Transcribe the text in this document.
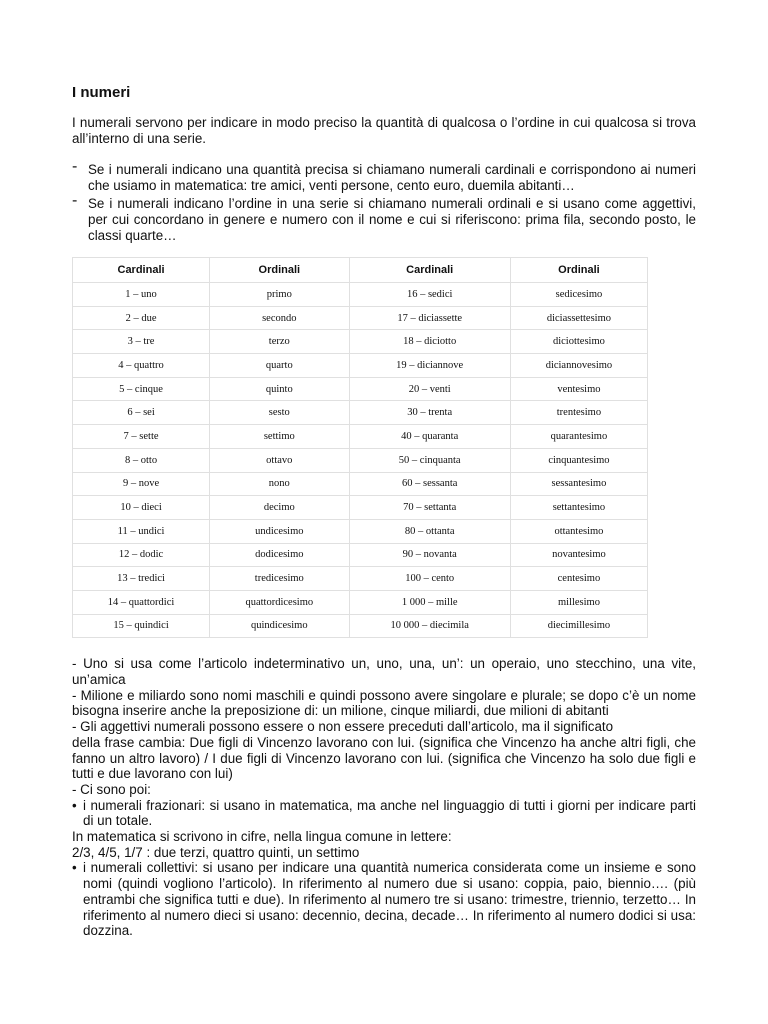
I numeri

I numerali servono per indicare in modo preciso la quantità di qualcosa o l’ordine in cui qualcosa si trova all’interno di una serie.

- Se i numerali indicano una quantità precisa si chiamano numerali cardinali e corrispondono ai numeri che usiamo in matematica: tre amici, venti persone, cento euro, duemila abitanti…
- Se i numerali indicano l’ordine in una serie si chiamano numerali ordinali e si usano come aggettivi, per cui concordano in genere e numero con il nome e cui si riferiscono: prima fila, secondo posto, le classi quarte…
Cardinali	Ordinali	Cardinali	Ordinali
1 – uno	primo	16 – sedici	sedicesimo
2 – due	secondo	17 – diciassette	diciassettesimo
3 – tre	terzo	18 – diciotto	diciottesimo
4 – quattro	quarto	19 – diciannove	diciannovesimo
5 – cinque	quinto	20 – venti	ventesimo
6 – sei	sesto	30 – trenta	trentesimo
7 – sette	settimo	40 – quaranta	quarantesimo
8 – otto	ottavo	50 – cinquanta	cinquantesimo
9 – nove	nono	60 – sessanta	sessantesimo
10 – dieci	decimo	70 – settanta	settantesimo
11 – undici	undicesimo	80 – ottanta	ottantesimo
12 – dodic	dodicesimo	90 – novanta	novantesimo
13 – tredici	tredicesimo	100 – cento	centesimo
14 – quattordici	quattordicesimo	1 000 – mille	millesimo
15 – quindici	quindicesimo	10 000 – diecimila	diecimillesimo

- Uno si usa come l’articolo indeterminativo un, uno, una, un’: un operaio, uno stecchino, una vite, un’amica

- Milione e miliardo sono nomi maschili e quindi possono avere singolare e plurale; se dopo c’è un nome bisogna inserire anche la preposizione di: un milione, cinque miliardi, due milioni di abitanti

- Gli aggettivi numerali possono essere o non essere preceduti dall’articolo, ma il significato

della frase cambia: Due figli di Vincenzo lavorano con lui. (significa che Vincenzo ha anche altri figli, che fanno un altro lavoro) / I due figli di Vincenzo lavorano con lui. (significa che Vincenzo ha solo due figli e tutti e due lavorano con lui)

- Ci sono poi:

• i numerali frazionari: si usano in matematica, ma anche nel linguaggio di tutti i giorni per indicare parti di un totale.

In matematica si scrivono in cifre, nella lingua comune in lettere:

2/3, 4/5, 1/7 : due terzi, quattro quinti, un settimo

• i numerali collettivi: si usano per indicare una quantità numerica considerata come un insieme e sono nomi (quindi vogliono l’articolo). In riferimento al numero due si usano: coppia, paio, biennio…. (più entrambi che significa tutti e due). In riferimento al numero tre si usano: trimestre, triennio, terzetto… In riferimento al numero dieci si usano: decennio, decina, decade… In riferimento al numero dodici si usa: dozzina.
